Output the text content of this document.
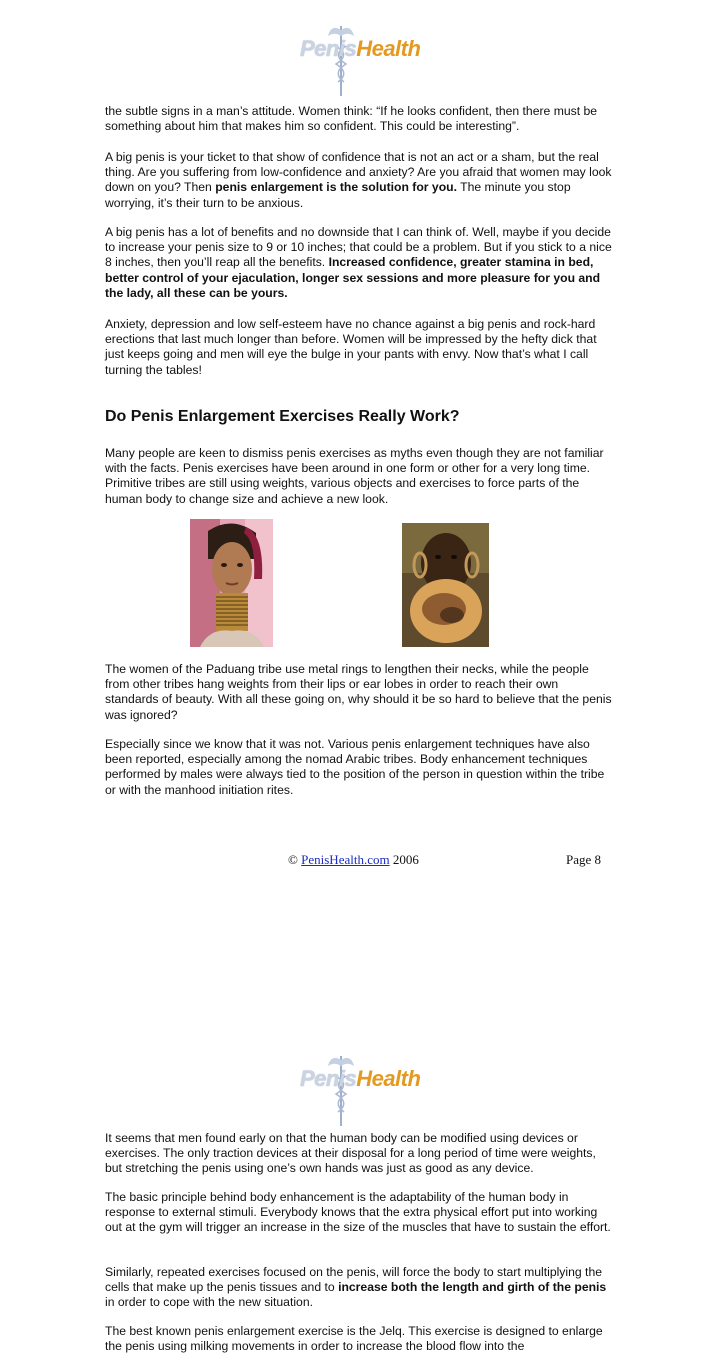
PenisHealth

the subtle signs in a man’s attitude. Women think: “If he looks confident, then there must be something about him that makes him so confident. This could be interesting”.

A big penis is your ticket to that show of confidence that is not an act or a sham, but the real thing. Are you suffering from low-confidence and anxiety? Are you afraid that women may look down on you? Then penis enlargement is the solution for you. The minute you stop worrying, it’s their turn to be anxious.

A big penis has a lot of benefits and no downside that I can think of. Well, maybe if you decide to increase your penis size to 9 or 10 inches; that could be a problem. But if you stick to a nice 8 inches, then you’ll reap all the benefits. Increased confidence, greater stamina in bed, better control of your ejaculation, longer sex sessions and more pleasure for you and the lady, all these can be yours.

Anxiety, depression and low self-esteem have no chance against a big penis and rock-hard erections that last much longer than before. Women will be impressed by the hefty dick that just keeps going and men will eye the bulge in your pants with envy. Now that’s what I call turning the tables!

Do Penis Enlargement Exercises Really Work?

Many people are keen to dismiss penis exercises as myths even though they are not familiar with the facts. Penis exercises have been around in one form or other for a very long time. Primitive tribes are still using weights, various objects and exercises to force parts of the human body to change size and achieve a new look.

The women of the Paduang tribe use metal rings to lengthen their necks, while the people from other tribes hang weights from their lips or ear lobes in order to reach their own standards of beauty. With all these going on, why should it be so hard to believe that the penis was ignored?

Especially since we know that it was not. Various penis enlargement techniques have also been reported, especially among the nomad Arabic tribes. Body enhancement techniques performed by males were always tied to the position of the person in question within the tribe or with the manhood initiation rites.

© PenisHealth.com 2006	Page 8
PenisHealth

It seems that men found early on that the human body can be modified using devices or exercises. The only traction devices at their disposal for a long period of time were weights, but stretching the penis using one’s own hands was just as good as any device.

The basic principle behind body enhancement is the adaptability of the human body in response to external stimuli. Everybody knows that the extra physical effort put into working out at the gym will trigger an increase in the size of the muscles that have to sustain the effort.

Similarly, repeated exercises focused on the penis, will force the body to start multiplying the cells that make up the penis tissues and to increase both the length and girth of the penis in order to cope with the new situation.

The best known penis enlargement exercise is the Jelq. This exercise is designed to enlarge the penis using milking movements in order to increase the blood flow into the
